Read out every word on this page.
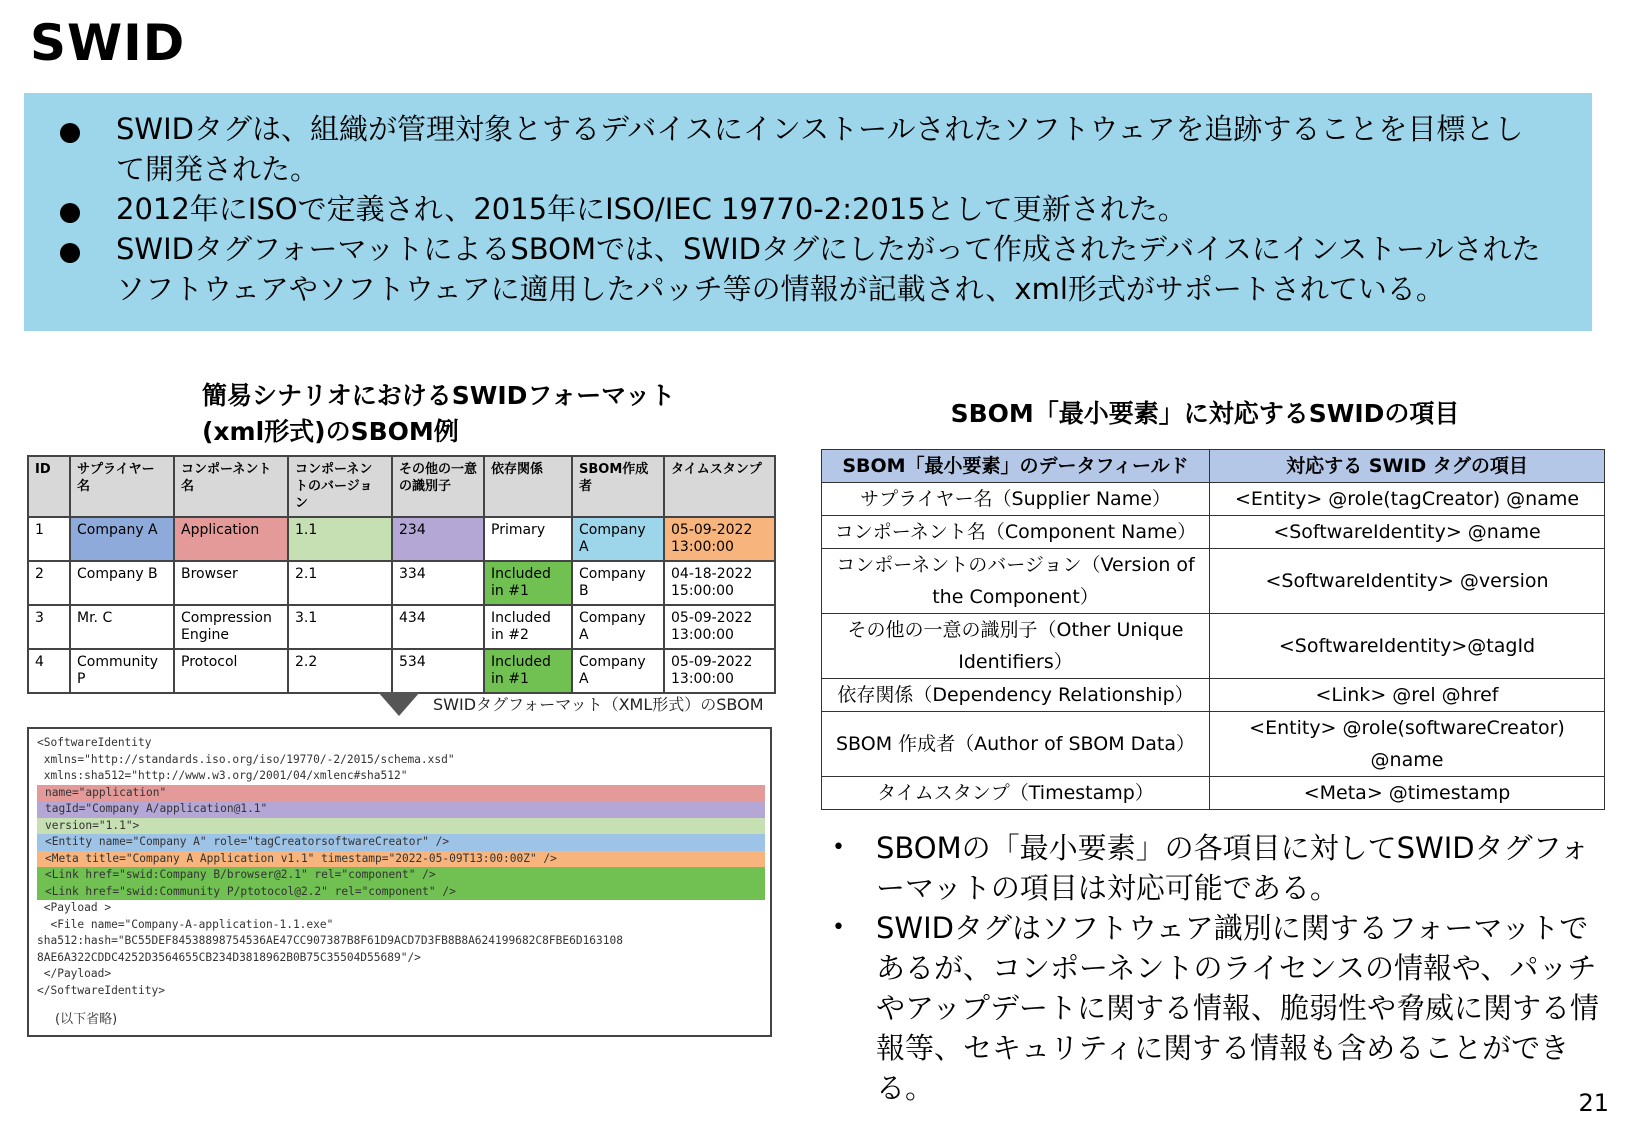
SWID
SWIDタグは、組織が管理対象とするデバイスにインストールされたソフトウェアを追跡することを目標として開発された。
2012年にISOで定義され、2015年にISO/IEC 19770-2:2015として更新された。
SWIDタグフォーマットによるSBOMでは、SWIDタグにしたがって作成されたデバイスにインストールされたソフトウェアやソフトウェアに適用したパッチ等の情報が記載され、xml形式がサポートされている。
簡易シナリオにおけるSWIDフォーマット(xml形式)のSBOM例
SBOM「最小要素」に対応するSWIDの項目
ID	サプライヤー名	コンポーネント名	コンポーネントのバージョン	その他の一意の識別子	依存関係	SBOM作成者	タイムスタンプ
1	Company A	Application	1.1	234	Primary	Company A	05-09-2022 13:00:00
2	Company B	Browser	2.1	334	Included in #1	Company B	04-18-2022 15:00:00
3	Mr. C	Compression Engine	3.1	434	Included in #2	Company A	05-09-2022 13:00:00
4	Community P	Protocol	2.2	534	Included in #1	Company A	05-09-2022 13:00:00
SWIDタグフォーマット（XML形式）のSBOM
<SoftwareIdentity
xmlns="http://standards.iso.org/iso/19770/-2/2015/schema.xsd"
xmlns:sha512="http://www.w3.org/2001/04/xmlenc#sha512"
name="application"
tagId="Company A/application@1.1"
version="1.1">
<Entity name="Company A" role="tagCreatorsoftwareCreator" />
<Meta title="Company A Application v1.1" timestamp="2022-05-09T13:00:00Z" />
<Link href="swid:Company B/browser@2.1" rel="component" />
<Link href="swid:Community P/ptotocol@2.2" rel="component" />
<Payload >
<File name="Company-A-application-1.1.exe"
sha512:hash="BC55DEF84538898754536AE47CC907387B8F61D9ACD7D3FB8B8A624199682C8FBE6D163108
8AE6A322CDDC4252D3564655CB234D3818962B0B75C35504D55689"/>
</Payload>
</SoftwareIdentity>
(以下省略)
SBOM「最小要素」のデータフィールド	対応する SWID タグの項目
サプライヤー名（Supplier Name）	<Entity> @role(tagCreator) @name
コンポーネント名（Component Name）	<SoftwareIdentity> @name
コンポーネントのバージョン（Version of the Component）	<SoftwareIdentity> @version
その他の一意の識別子（Other Unique Identifiers）	<SoftwareIdentity>@tagId
依存関係（Dependency Relationship）	<Link> @rel @href
SBOM 作成者（Author of SBOM Data）	<Entity> @role(softwareCreator) @name
タイムスタンプ（Timestamp）	<Meta> @timestamp
• SBOMの「最小要素」の各項目に対してSWIDタグフォーマットの項目は対応可能である。
• SWIDタグはソフトウェア識別に関するフォーマットであるが、コンポーネントのライセンスの情報や、パッチやアップデートに関する情報、脆弱性や脅威に関する情報等、セキュリティに関する情報も含めることができる。	21
